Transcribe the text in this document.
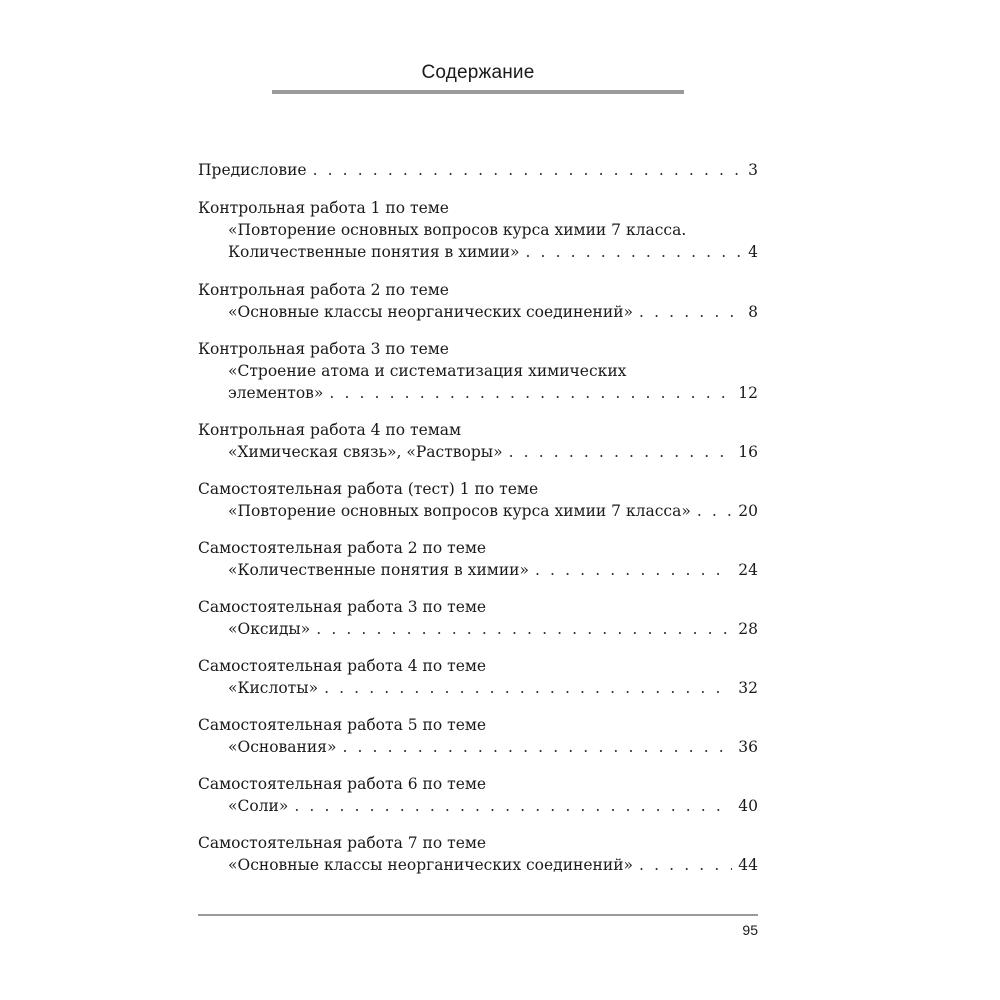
Содержание
Предисловие . . .	3
Контрольная работа 1 по теме
«Повторение основных вопросов курса химии 7 класса.
Количественные понятия в химии» . . .	4
Контрольная работа 2 по теме
«Основные классы неорганических соединений» . . .	8
Контрольная работа 3 по теме
«Строение атома и систематизация химических
элементов» . . .	12
Контрольная работа 4 по темам
«Химическая связь», «Растворы» . . .	16
Самостоятельная работа (тест) 1 по теме
«Повторение основных вопросов курса химии 7 класса» . . .	20
Самостоятельная работа 2 по теме
«Количественные понятия в химии» . . .	24
Самостоятельная работа 3 по теме
«Оксиды» . . .	28
Самостоятельная работа 4 по теме
«Кислоты» . . .	32
Самостоятельная работа 5 по теме
«Основания» . . .	36
Самостоятельная работа 6 по теме
«Соли» . . .	40
Самостоятельная работа 7 по теме
«Основные классы неорганических соединений» . . .	44
95
